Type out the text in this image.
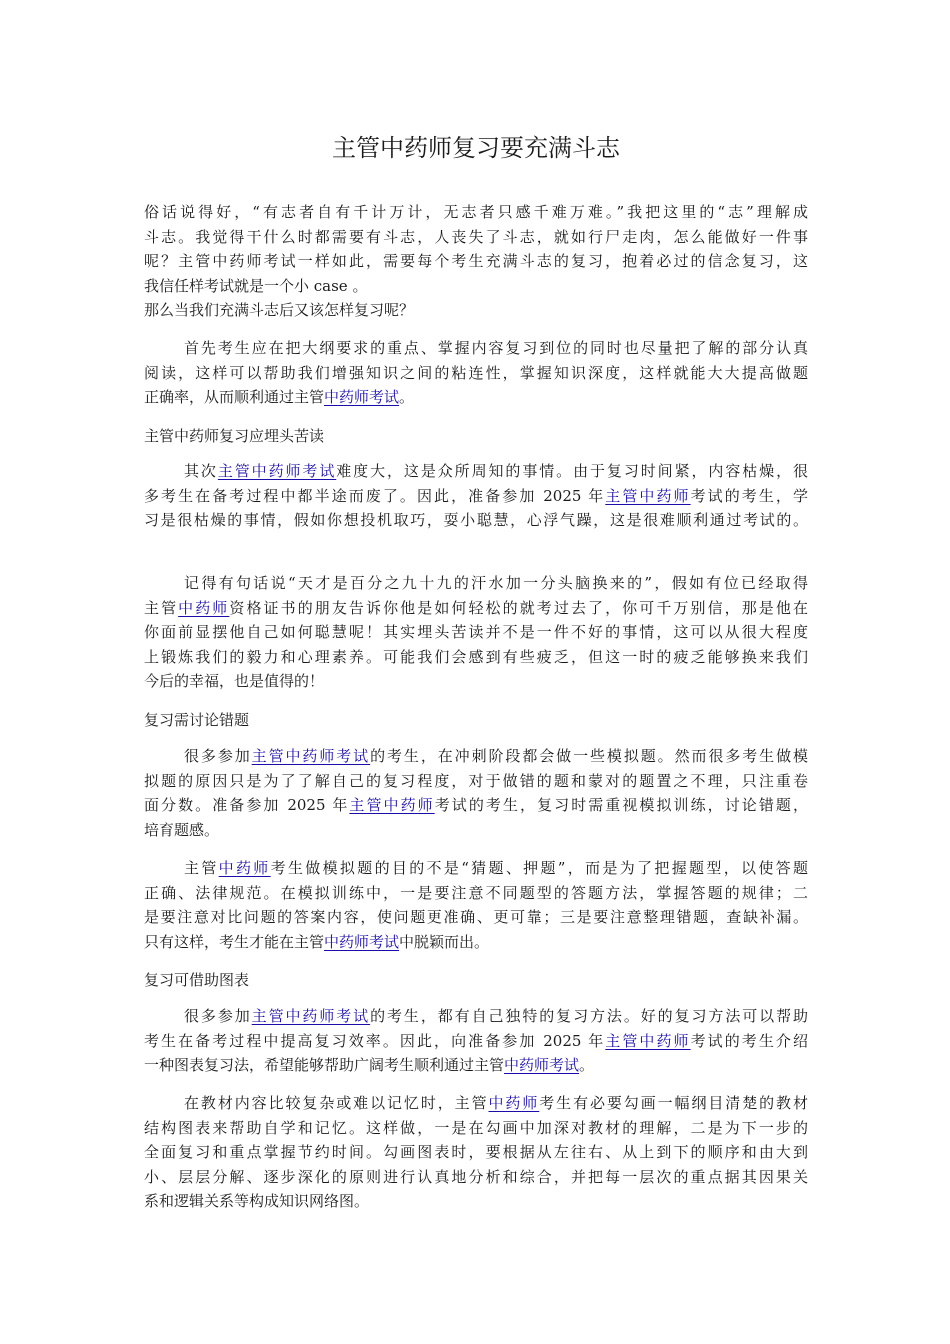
主管中药师复习要充满斗志
俗话说得好，“有志者自有千计万计，无志者只感千难万难。”我把这里的“志”理解成
斗志。我觉得干什么时都需要有斗志，人丧失了斗志，就如行尸走肉，怎么能做好一件事
呢？主管中药师考试一样如此，需要每个考生充满斗志的复习，抱着必过的信念复习，这
我信任样考试就是一个小 case 。
那么当我们充满斗志后又该怎样复习呢？
首先考生应在把大纲要求的重点、掌握内容复习到位的同时也尽量把了解的部分认真
阅读，这样可以帮助我们增强知识之间的粘连性，掌握知识深度，这样就能大大提高做题
正确率，从而顺利通过主管中药师考试。
主管中药师复习应埋头苦读
其次主管中药师考试难度大，这是众所周知的事情。由于复习时间紧，内容枯燥，很
多考生在备考过程中都半途而废了。因此，准备参加 2025 年主管中药师考试的考生，学
习是很枯燥的事情，假如你想投机取巧，耍小聪慧，心浮气躁，这是很难顺利通过考试的。
记得有句话说“天才是百分之九十九的汗水加一分头脑换来的”，假如有位已经取得
主管中药师资格证书的朋友告诉你他是如何轻松的就考过去了，你可千万别信，那是他在
你面前显摆他自己如何聪慧呢！其实埋头苦读并不是一件不好的事情，这可以从很大程度
上锻炼我们的毅力和心理素养。可能我们会感到有些疲乏，但这一时的疲乏能够换来我们
今后的幸福，也是值得的！
复习需讨论错题
很多参加主管中药师考试的考生，在冲刺阶段都会做一些模拟题。然而很多考生做模
拟题的原因只是为了了解自己的复习程度，对于做错的题和蒙对的题置之不理，只注重卷
面分数。准备参加 2025 年主管中药师考试的考生，复习时需重视模拟训练，讨论错题，
培育题感。
主管中药师考生做模拟题的目的不是“猜题、押题”，而是为了把握题型，以使答题
正确、法律规范。在模拟训练中，一是要注意不同题型的答题方法，掌握答题的规律；二
是要注意对比问题的答案内容，使问题更准确、更可靠；三是要注意整理错题，查缺补漏。
只有这样，考生才能在主管中药师考试中脱颖而出。
复习可借助图表
很多参加主管中药师考试的考生，都有自己独特的复习方法。好的复习方法可以帮助
考生在备考过程中提高复习效率。因此，向准备参加 2025 年主管中药师考试的考生介绍
一种图表复习法，希望能够帮助广阔考生顺利通过主管中药师考试。
在教材内容比较复杂或难以记忆时，主管中药师考生有必要勾画一幅纲目清楚的教材
结构图表来帮助自学和记忆。这样做，一是在勾画中加深对教材的理解，二是为下一步的
全面复习和重点掌握节约时间。勾画图表时，要根据从左往右、从上到下的顺序和由大到
小、层层分解、逐步深化的原则进行认真地分析和综合，并把每一层次的重点据其因果关
系和逻辑关系等构成知识网络图。
